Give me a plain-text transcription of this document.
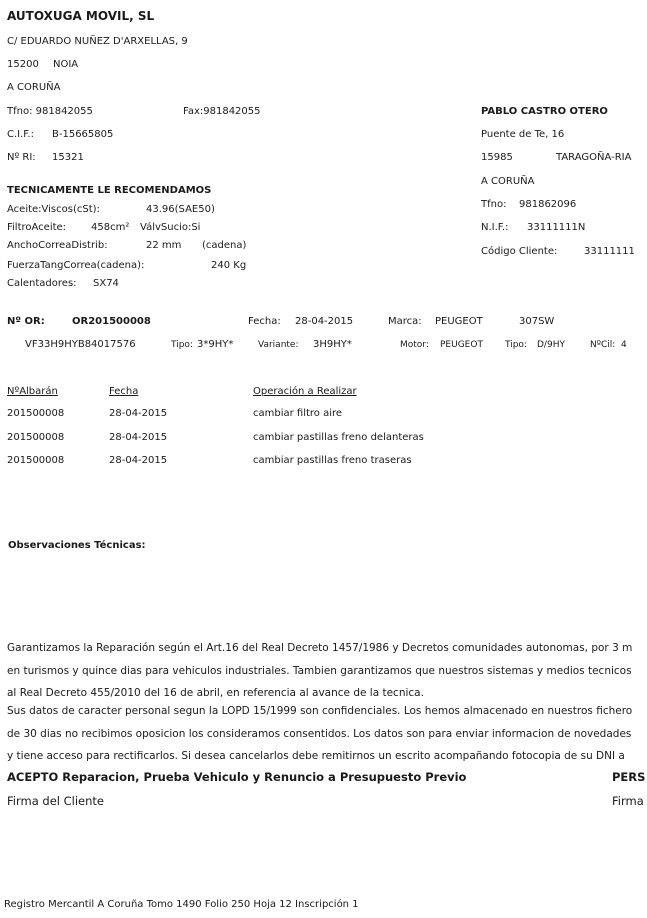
AUTOXUGA MOVIL, SL
C/ EDUARDO NUÑEZ D'ARXELLAS, 9
15200 NOIA
A CORUÑA
Tfno: 981842055	Fax:981842055
C.I.F.: B-15665805
Nº RI: 15321
PABLO CASTRO OTERO
Puente de Te, 16
15985	TARAGOÑA-RIA
A CORUÑA
Tfno: 981862096
N.I.F.: 33111111N
Código Cliente:	33111111
TECNICAMENTE LE RECOMENDAMOS
Aceite:Viscos(cSt):	43.96(SAE50)
FiltroAceite: 458cm² VálvSucio:Si
AnchoCorreaDistrib:	22 mm (cadena)
FuerzaTangCorrea(cadena):	240 Kg
Calentadores: SX74
Nº OR:	OR201500008	Fecha: 28-04-2015	Marca: PEUGEOT	307SW
VF33H9HYB84017576	Tipo: 3*9HY*	Variante: 3H9HY*	Motor: PEUGEOT Tipo: D/9HY	NºCil: 4
NºAlbarán	Fecha	Operación a Realizar
201500008	28-04-2015	cambiar filtro aire
201500008	28-04-2015	cambiar pastillas freno delanteras
201500008	28-04-2015	cambiar pastillas freno traseras
Observaciones Técnicas:
Garantizamos la Reparación según el Art.16 del Real Decreto 1457/1986 y Decretos comunidades autonomas, por 3 m
en turismos y quince dias para vehiculos industriales. Tambien garantizamos que nuestros sistemas y medios tecnicos
al Real Decreto 455/2010 del 16 de abril, en referencia al avance de la tecnica.
Sus datos de caracter personal segun la LOPD 15/1999 son confidenciales. Los hemos almacenado en nuestros fichero
de 30 dias no recibimos oposicion los consideramos consentidos. Los datos son para enviar informacion de novedades
y tiene acceso para rectificarlos. Si desea cancelarlos debe remitirnos un escrito acompañando fotocopia de su DNI a
ACEPTO Reparacion, Prueba Vehiculo y Renuncio a Presupuesto Previo
Firma del Cliente
PERS
Firma
Registro Mercantil A Coruña Tomo 1490 Folio 250 Hoja 12 Inscripción 1
